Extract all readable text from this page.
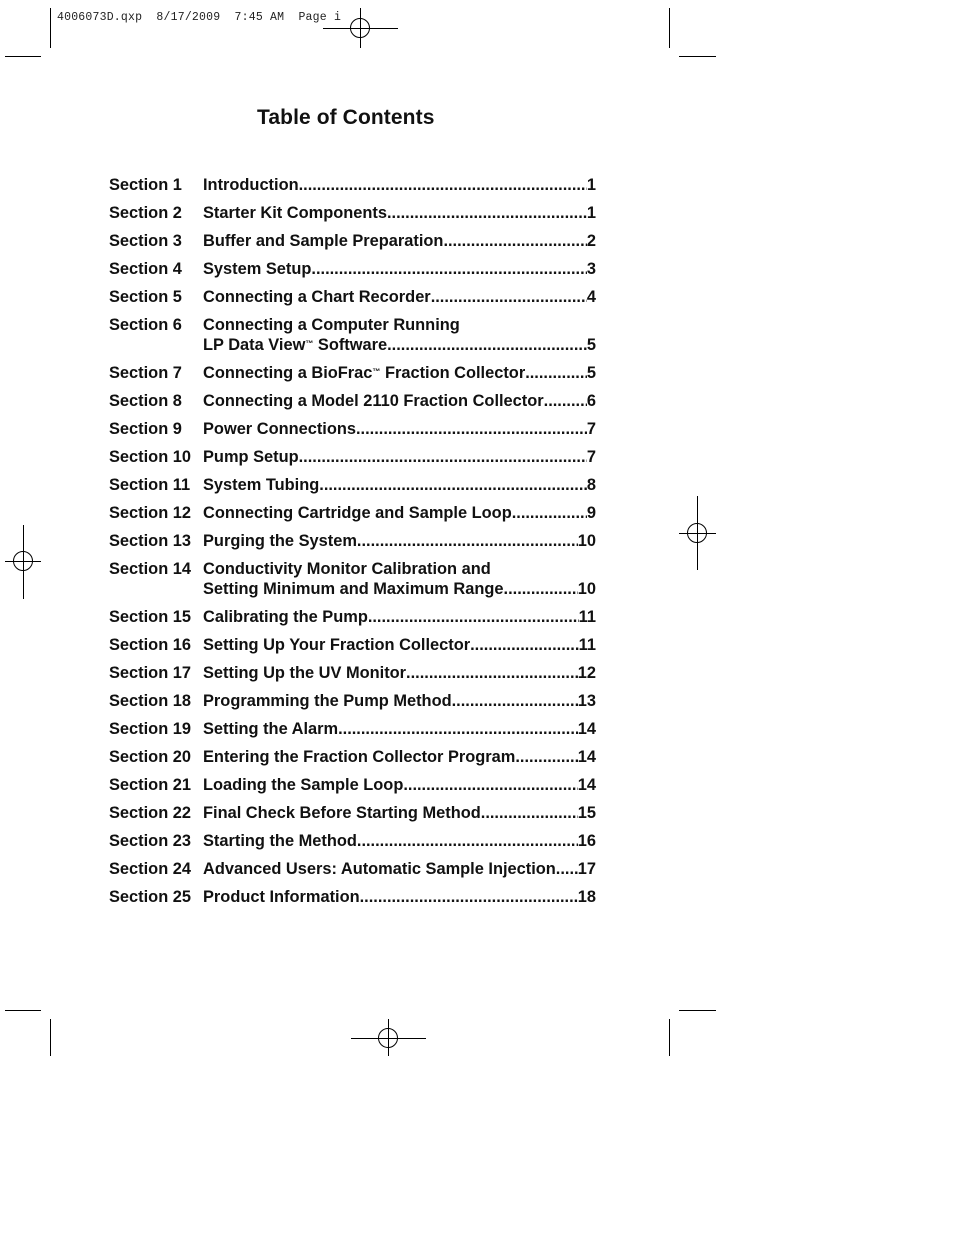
4006073D.qxp  8/17/2009  7:45 AM  Page i
Table of Contents
Section 1	Introduction .....	1
Section 2	Starter Kit Components .....	1
Section 3	Buffer and Sample Preparation .....	2
Section 4	System Setup .....	3
Section 5	Connecting a Chart Recorder .....	4
Section 6	Connecting a Computer Running
LP Data View™ Software .....	5
Section 7	Connecting a BioFrac™ Fraction Collector .....	5
Section 8	Connecting a Model 2110 Fraction Collector .....	6
Section 9	Power Connections .....	7
Section 10 Pump Setup .....	7
Section 11 System Tubing .....	8
Section 12 Connecting Cartridge and Sample Loop .....	9
Section 13 Purging the System .....	10
Section 14 Conductivity Monitor Calibration and
Setting Minimum and Maximum Range .....	10
Section 15 Calibrating the Pump .....	11
Section 16 Setting Up Your Fraction Collector .....	11
Section 17 Setting Up the UV Monitor .....	12
Section 18 Programming the Pump Method .....	13
Section 19 Setting the Alarm .....	14
Section 20 Entering the Fraction Collector Program .....	14
Section 21 Loading the Sample Loop .....	14
Section 22 Final Check Before Starting Method .....	15
Section 23 Starting the Method .....	16
Section 24 Advanced Users: Automatic Sample Injection ..... 17
Section 25 Product Information .....	18
